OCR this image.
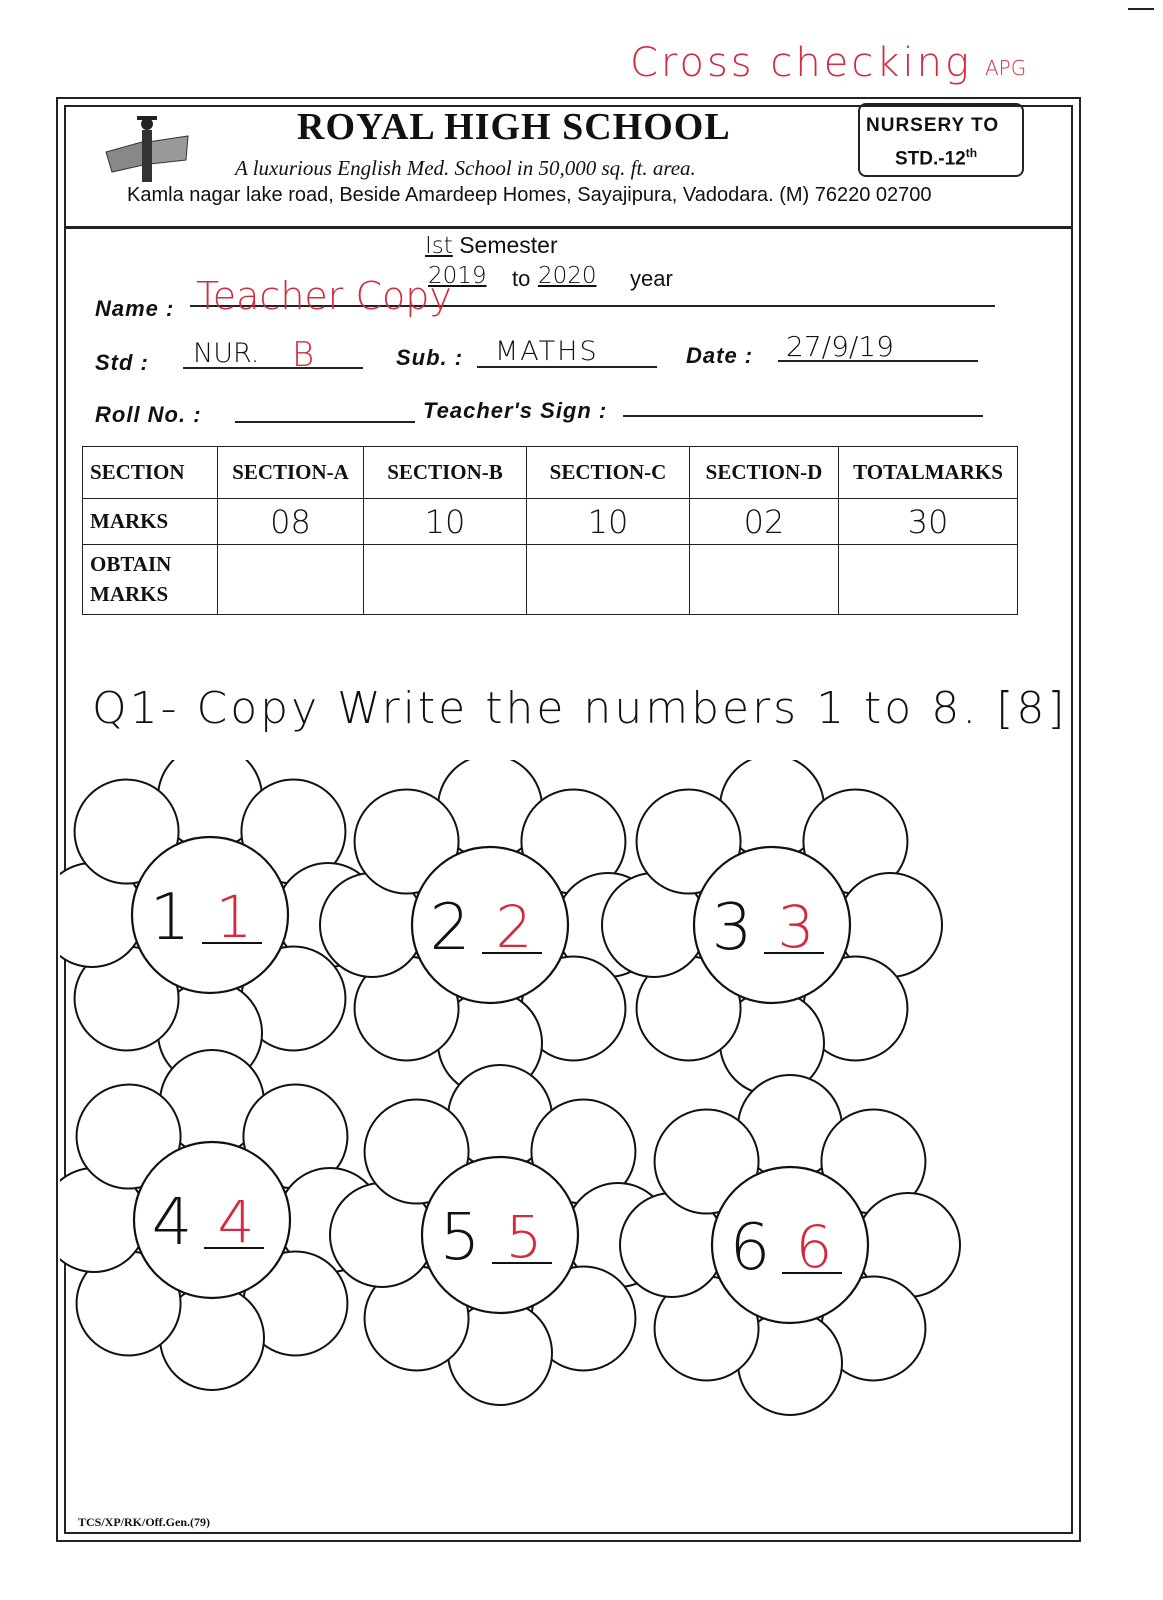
Cross checking APG
ROYAL HIGH SCHOOL
A luxurious English Med. School in 50,000 sq. ft. area.
Kamla nagar lake road, Beside Amardeep Homes, Sayajipura, Vadodara. (M) 76220 02700
NURSERY TO
STD.-12th
Ist Semester
2019 to 2020 year
Name : Teacher Copy
Std : NUR. B	Sub. : MATHS	Date : 27/9/19
Roll No. :	Teacher's Sign :
SECTION	SECTION-A	SECTION-B	SECTION-C	SECTION-D	TOTALMARKS
MARKS	08	10	10	02	30
OBTAIN
MARKS					
Q1- Copy Write the numbers 1 to 8. [8]
1 1	2 2	3 3
4 4	5 5	6 6
TCS/XP/RK/Off.Gen.(79)
